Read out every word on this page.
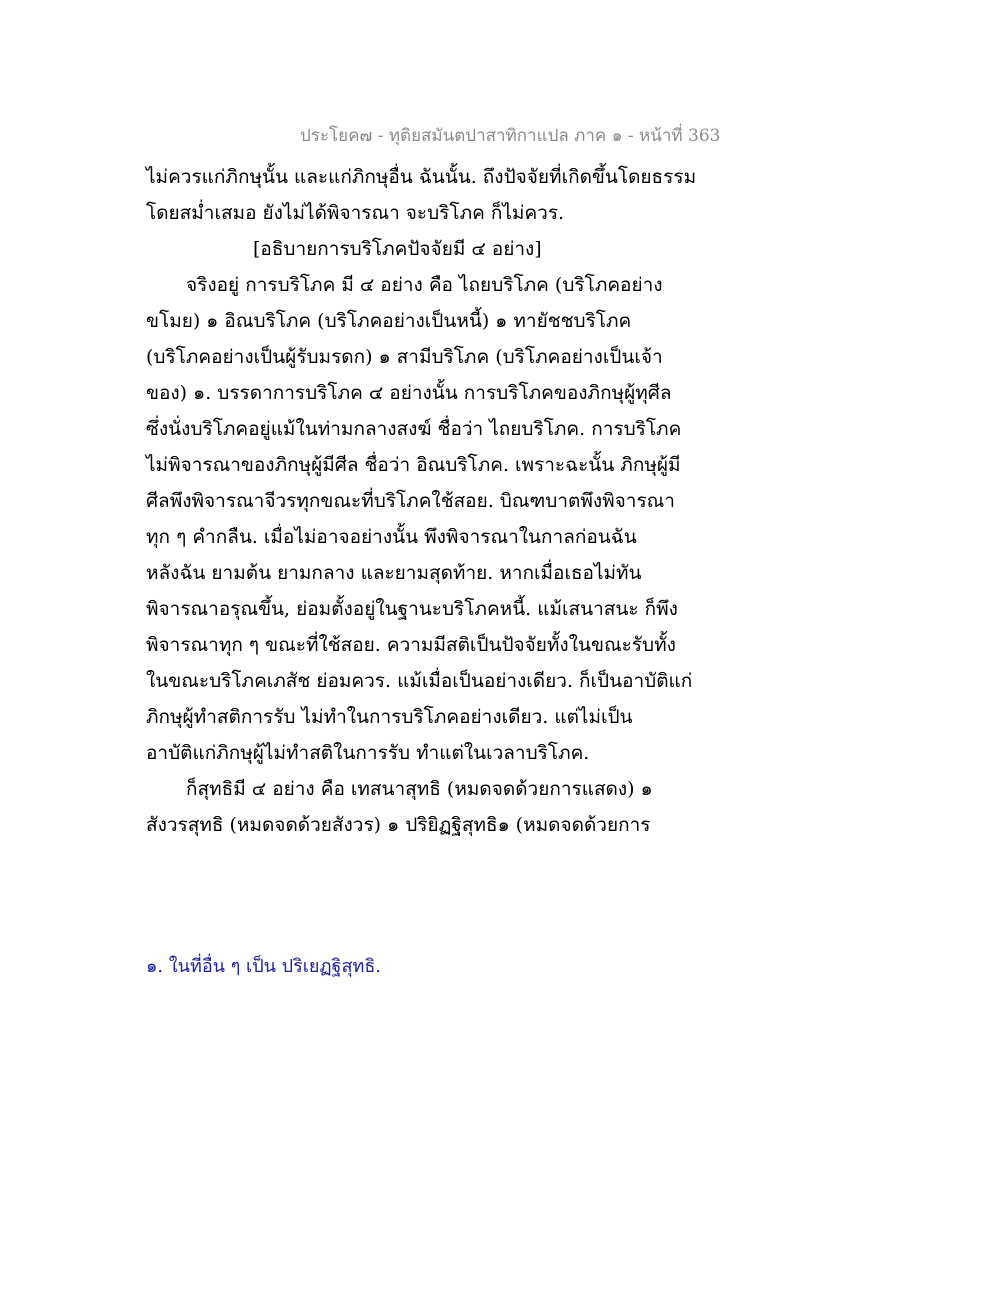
ประโยค๗ - ทุติยสมันตปาสาทิกาแปล ภาค ๑ - หน้าที่ 363
ไม่ควรแก่ภิกษุนั้น และแก่ภิกษุอื่น ฉันนั้น. ถึงปัจจัยที่เกิดขึ้นโดยธรรม
โดยสม่ำเสมอ ยังไม่ได้พิจารณา จะบริโภค ก็ไม่ควร.
[อธิบายการบริโภคปัจจัยมี ๔ อย่าง]
จริงอยู่ การบริโภค มี ๔ อย่าง คือ ไถยบริโภค (บริโภคอย่าง
ขโมย) ๑ อิณบริโภค (บริโภคอย่างเป็นหนี้) ๑ ทายัชชบริโภค
(บริโภคอย่างเป็นผู้รับมรดก) ๑ สามีบริโภค (บริโภคอย่างเป็นเจ้า
ของ) ๑. บรรดาการบริโภค ๔ อย่างนั้น การบริโภคของภิกษุผู้ทุศีล
ซึ่งนั่งบริโภคอยู่แม้ในท่ามกลางสงฆ์ ชื่อว่า ไถยบริโภค. การบริโภค
ไม่พิจารณาของภิกษุผู้มีศีล ชื่อว่า อิณบริโภค. เพราะฉะนั้น ภิกษุผู้มี
ศีลพึงพิจารณาจีวรทุกขณะที่บริโภคใช้สอย. บิณฑบาตพึงพิจารณา
ทุก ๆ คำกลืน. เมื่อไม่อาจอย่างนั้น พึงพิจารณาในกาลก่อนฉัน
หลังฉัน ยามต้น ยามกลาง และยามสุดท้าย. หากเมื่อเธอไม่ทัน
พิจารณาอรุณขึ้น, ย่อมตั้งอยู่ในฐานะบริโภคหนี้. แม้เสนาสนะ ก็พึง
พิจารณาทุก ๆ ขณะที่ใช้สอย. ความมีสติเป็นปัจจัยทั้งในขณะรับทั้ง
ในขณะบริโภคเภสัช ย่อมควร. แม้เมื่อเป็นอย่างเดียว. ก็เป็นอาบัติแก่
ภิกษุผู้ทำสติการรับ ไม่ทำในการบริโภคอย่างเดียว. แต่ไม่เป็น
อาบัติแก่ภิกษุผู้ไม่ทำสติในการรับ ทำแต่ในเวลาบริโภค.
ก็สุทธิมี ๔ อย่าง คือ เทสนาสุทธิ (หมดจดด้วยการแสดง) ๑
สังวรสุทธิ (หมดจดด้วยสังวร) ๑ ปริยิฏฐิสุทธิ๑ (หมดจดด้วยการ
๑. ในที่อื่น ๆ เป็น ปริเยฏฐิสุทธิ.
